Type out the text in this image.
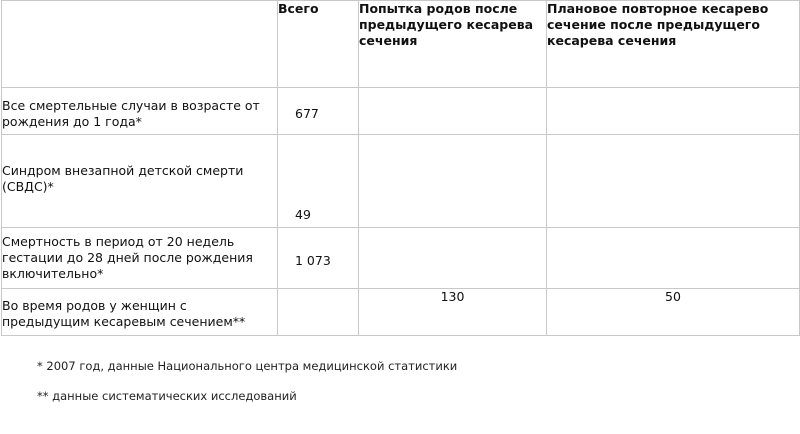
	Всего	Попытка родов после предыдущего кесарева сечения	Плановое повторное кесарево сечение после предыдущего кесарева сечения
Все смертельные случаи в возрасте от рождения до 1 года*	677		

Синдром внезапной детской смерти (СВДС)*	49		

Смертность в период от 20 недель гестации до 28 дней после рождения включительно*	1 073		

Во время родов у женщин с предыдущим кесаревым сечением**		130	50
* 2007 год, данные Национального центра медицинской статистики
** данные систематических исследований
